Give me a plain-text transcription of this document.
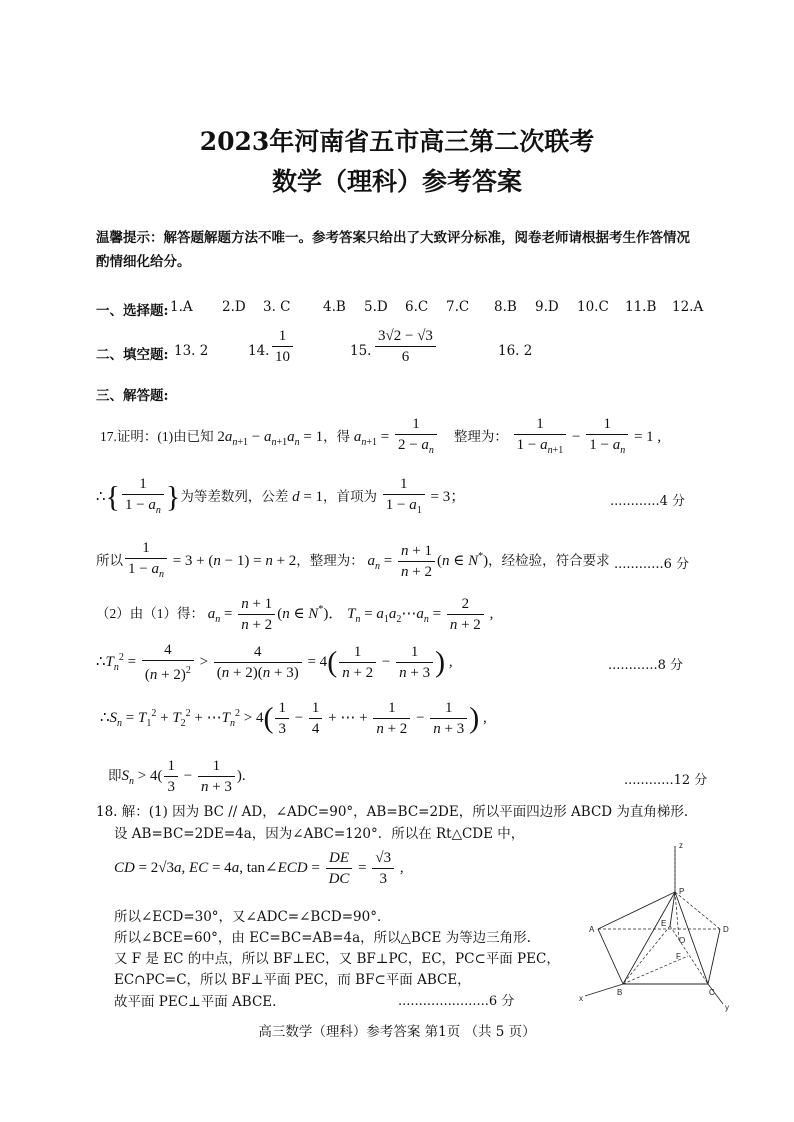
2023年河南省五市高三第二次联考
数学（理科）参考答案
温馨提示：解答题解题方法不唯一。参考答案只给出了大致评分标准，阅卷老师请根据考生作答情况酌情细化给分。
一、选择题: 1.A 2.D 3. C 4.B 5.D 6.C 7.C 8.B 9.D 10.C 11.B 12.A
二、填空题: 13. 2	14. $\frac{1}{10}$	15. $\frac{3√2 - √3}{6}$	16. 2
三、解答题:
17.证明：(1)由已知 $2a_{n+1} - a_{n+1}a_n = 1$，得 $a_{n+1} = \frac{1}{2 - a_n}$ 整理为： $\frac{1}{1 - a_{n+1}} - \frac{1}{1 - a_n} = 1$ ,
∴{ $\frac{1}{1 - a_n}$ }为等差数列，公差 d = 1，首项为 $\frac{1}{1 - a_1} = 3$；	............4 分
所以 $\frac{1}{1 - a_n} = 3 + (n - 1) = n + 2$，整理为： $a_n = \frac{n + 1}{n + 2} (n$ ∈ N*)，经检验，符合要求 ............6 分
（2）由（1）得： $a_n = \frac{n + 1}{n + 2} (n$ ∈ N*)． $T_n$ = $a_1a_2\cdots a_n = \frac{2}{n + 2}$ ,
$\therefore T_n^2 = \frac{4}{(n + 2)^2} > \frac{4}{(n + 2)(n + 3)} = 4( \frac{1}{n + 2} - \frac{1}{n + 3}$ ) ,	............8 分
$\therefore S_n = T_1^2 + T_2^2$ + $\cdots T_n^2 > 4( \frac{1}{3} - \frac{1}{4}$ + ⋯ + $\frac{1}{n + 2} - \frac{1}{n + 3}$ ) ,
即$S_n > 4( \frac{1}{3} - \frac{1}{n + 3}$ ).	............12 分
18. 解：(1) 因为 BC // AD，∠ADC=90°，AB=BC=2DE，所以平面四边形 ABCD 为直角梯形.
设 AB=BC=2DE=4a，因为∠ABC=120°．所以在 Rt△CDE 中，
CD = 2√3a, EC = 4a, tan∠ECD = $\frac{DE}{DC} = \frac{√3}{3}$ ,
所以∠ECD=30°，又∠ADC=∠BCD=90°．
所以∠BCE=60°，由 EC=BC=AB=4a，所以△BCE 为等边三角形.
又 F 是 EC 的中点，所以 BF⊥EC，又 BF⊥PC，EC，PC⊂平面 PEC，
EC∩PC=C，所以 BF⊥平面 PEC，而 BF⊂平面 ABCE，
故平面 PEC⊥平面 ABCE.	......................6 分
z
P
A	D
E
O
F
x
B	C
y
高三数学（理科）参考答案 第1页 （共 5 页）
